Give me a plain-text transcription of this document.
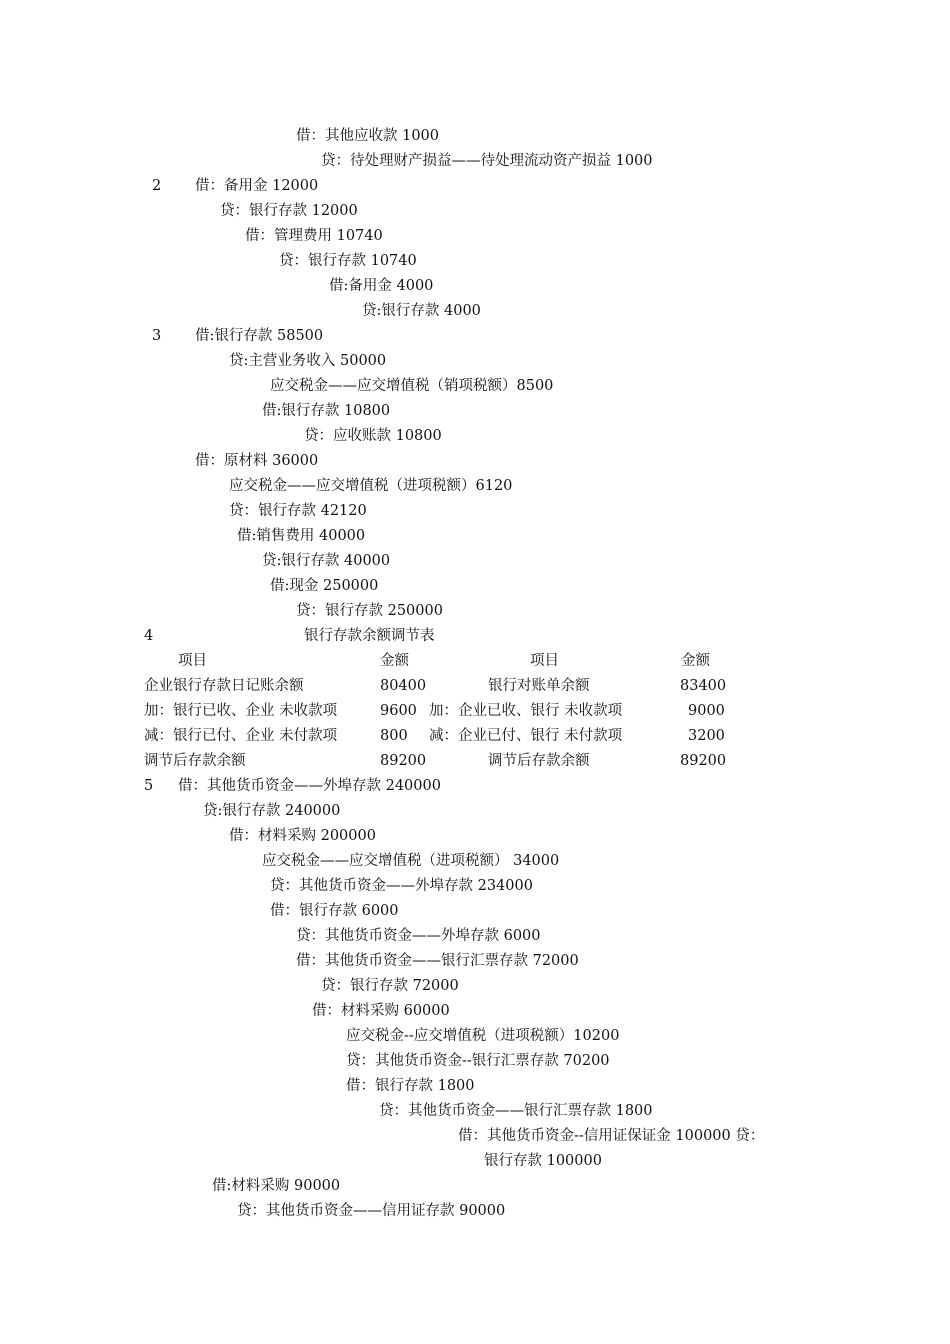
借：其他应收款 1000
贷：待处理财产损益——待处理流动资产损益 1000
2 借：备用金 12000
贷：银行存款 12000
借：管理费用 10740
贷：银行存款 10740
借:备用金 4000
贷:银行存款 4000
3 借:银行存款 58500
贷:主营业务收入 50000
应交税金——应交增值税（销项税额）8500
借:银行存款 10800
贷：应收账款 10800
借：原材料 36000
应交税金——应交增值税（进项税额）6120
贷：银行存款 42120
借:销售费用 40000
贷:银行存款 40000
借:现金 250000
贷：银行存款 250000
4	银行存款余额调节表
项目	金额	项目	金额
企业银行存款日记账余额	80400	银行对账单余额	83400
加：银行已收、企业 未收款项	9600 加：企业已收、银行 未收款项	9000
减：银行已付、企业 未付款项	800 减：企业已付、银行 未付款项	3200
调节后存款余额	89200	调节后存款余额	89200
5 借：其他货币资金——外埠存款 240000
贷:银行存款 240000
借：材料采购 200000
应交税金——应交增值税（进项税额） 34000
贷：其他货币资金——外埠存款 234000
借：银行存款 6000
贷：其他货币资金——外埠存款 6000
借：其他货币资金——银行汇票存款 72000
贷：银行存款 72000
借：材料采购 60000
应交税金--应交增值税（进项税额）10200
贷：其他货币资金--银行汇票存款 70200
借：银行存款 1800
贷：其他货币资金——银行汇票存款 1800
借：其他货币资金--信用证保证金 100000 贷：
银行存款 100000
借:材料采购 90000
贷：其他货币资金——信用证存款 90000
